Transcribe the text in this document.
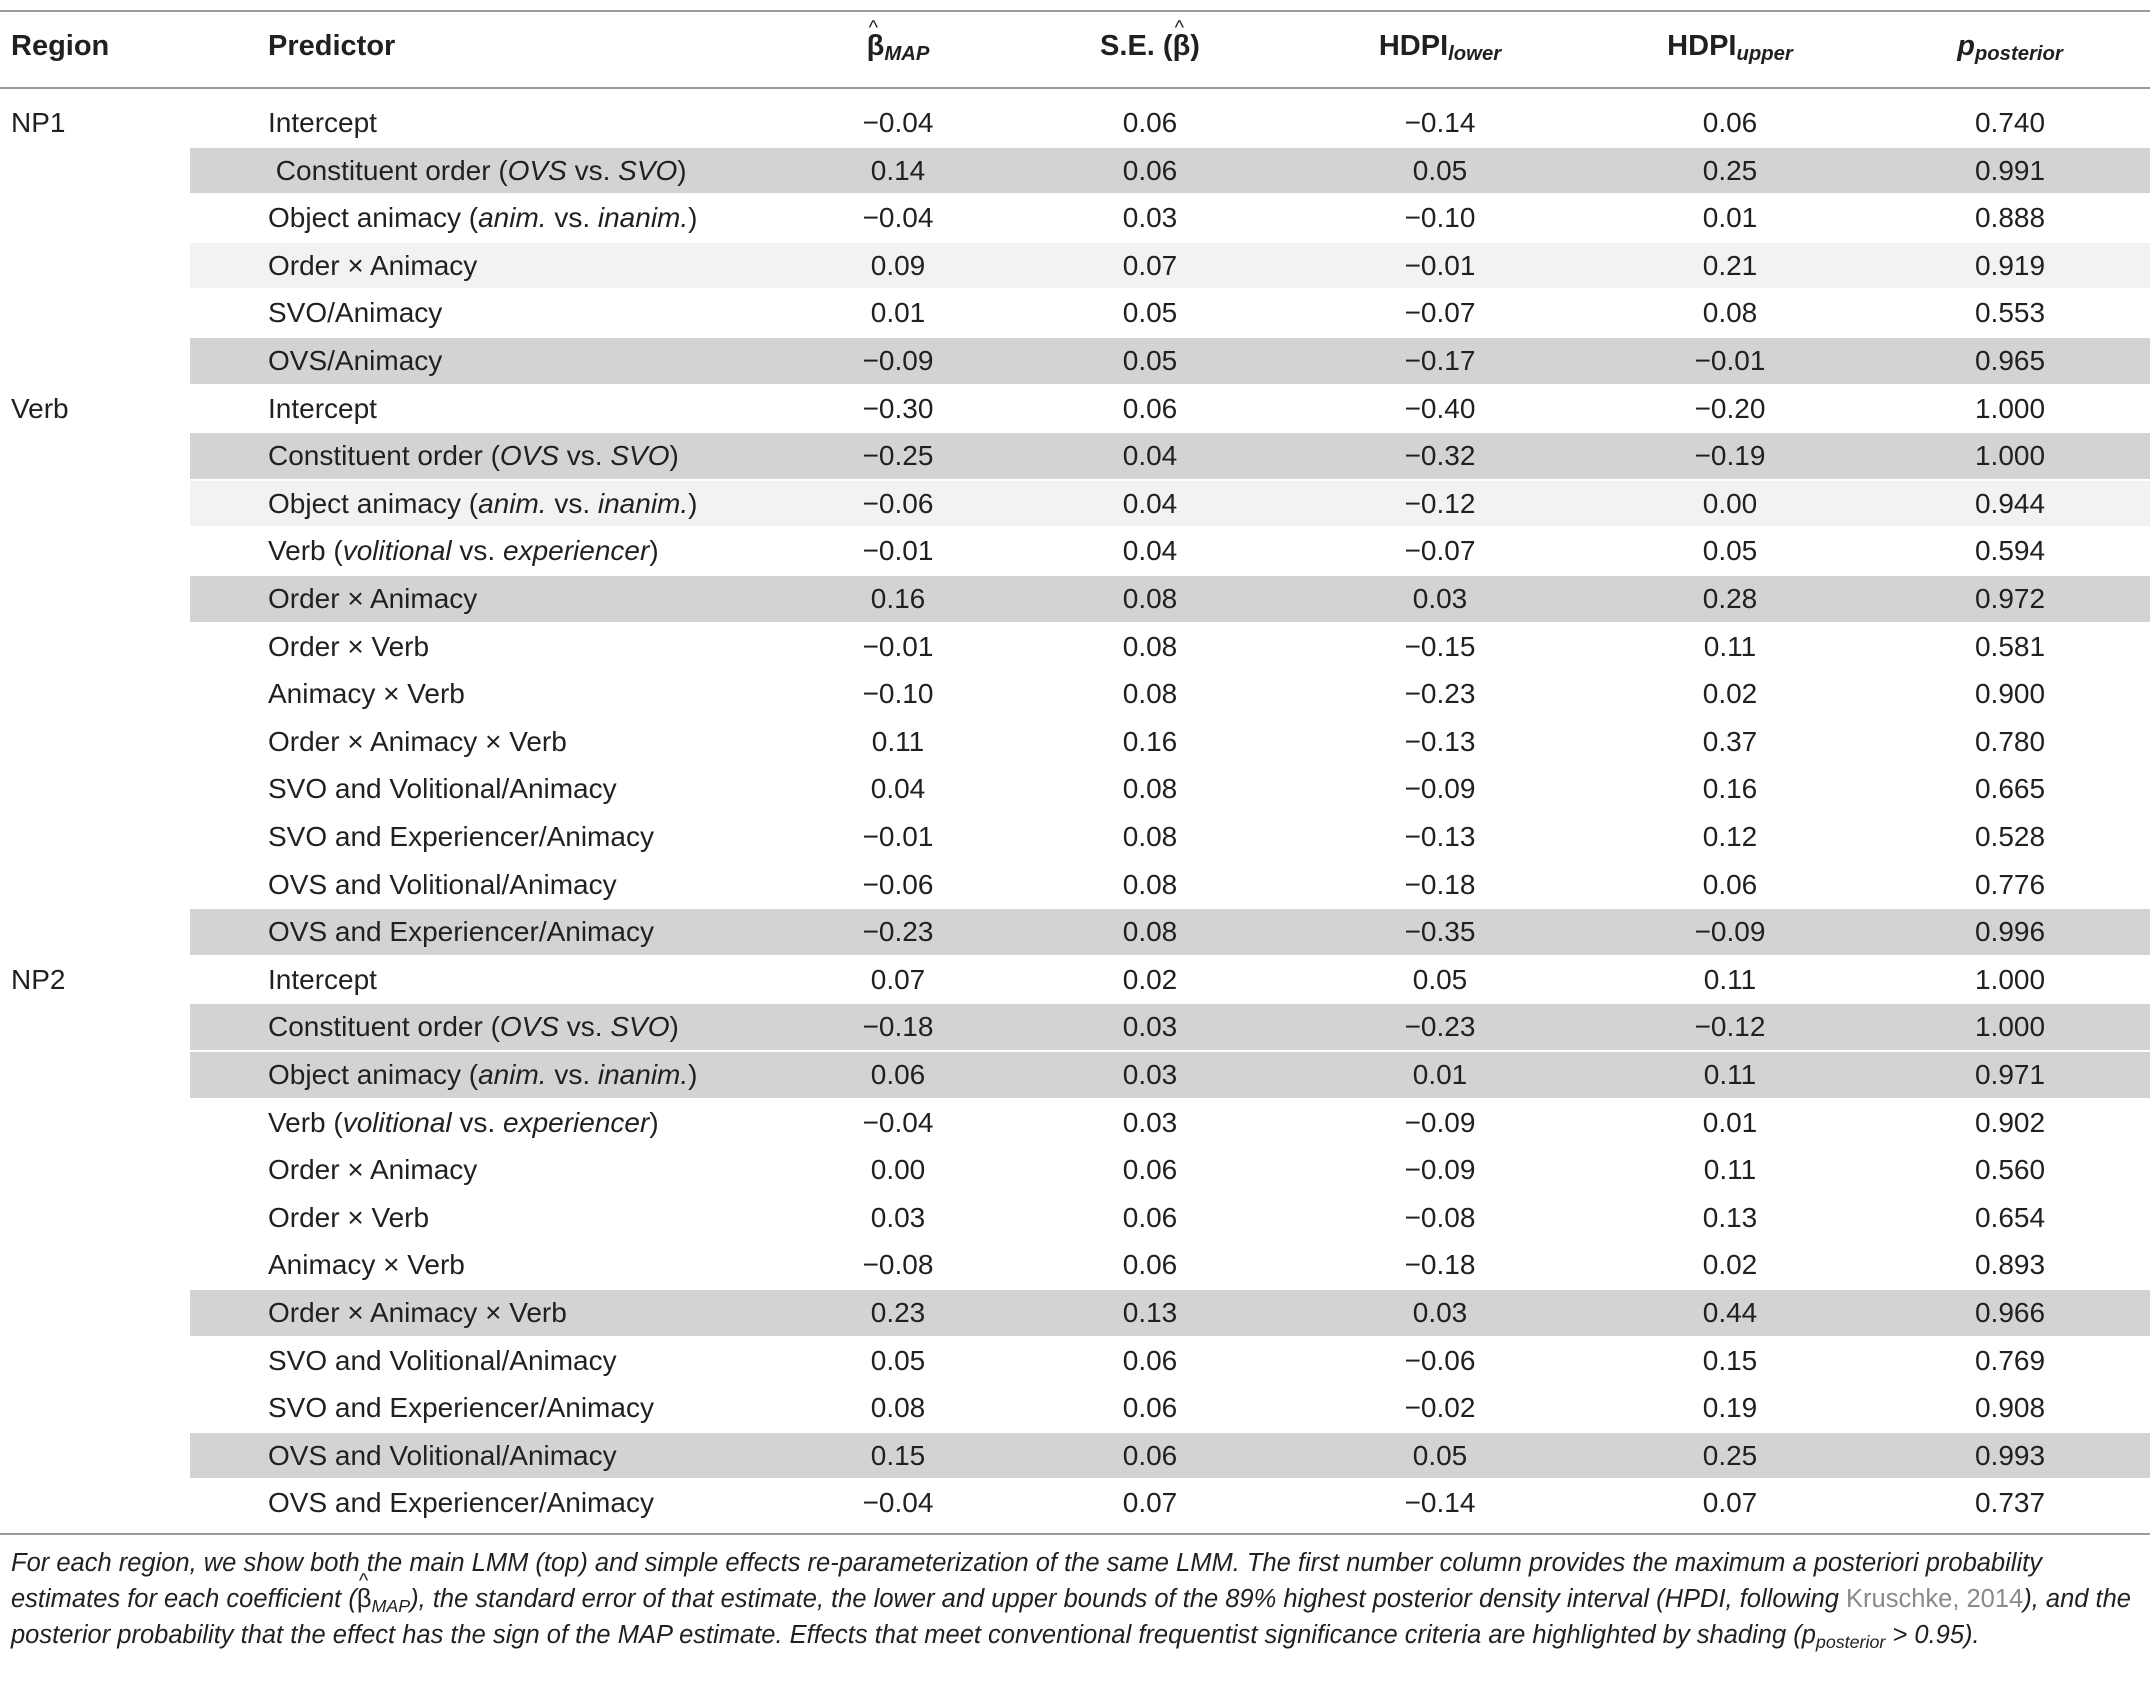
Region	Predictor
^	$\beta_{MAP}$	S.E. (^ β)	$HDPI_{lower}$	$HDPI_{upper}$	$p_{posterior}$
NP1	Intercept	−0.04	0.06	−0.14	0.06	0.740
Constituent order (OVS vs. SVO)	0.14	0.06	0.05	0.25	0.991
Object animacy (anim. vs. inanim.)	−0.04	0.03	−0.10	0.01	0.888
Order × Animacy	0.09	0.07	−0.01	0.21	0.919
SVO/Animacy	0.01	0.05	−0.07	0.08	0.553
OVS/Animacy	−0.09	0.05	−0.17	−0.01	0.965
Verb	Intercept	−0.30	0.06	−0.40	−0.20	1.000
Constituent order (OVS vs. SVO)	−0.25	0.04	−0.32	−0.19	1.000
Object animacy (anim. vs. inanim.)	−0.06	0.04	−0.12	0.00	0.944
Verb (volitional vs. experiencer)	−0.01	0.04	−0.07	0.05	0.594
Order × Animacy	0.16	0.08	0.03	0.28	0.972
Order × Verb	−0.01	0.08	−0.15	0.11	0.581
Animacy × Verb	−0.10	0.08	−0.23	0.02	0.900
Order × Animacy × Verb	0.11	0.16	−0.13	0.37	0.780
SVO and Volitional/Animacy	0.04	0.08	−0.09	0.16	0.665
SVO and Experiencer/Animacy	−0.01	0.08	−0.13	0.12	0.528
OVS and Volitional/Animacy	−0.06	0.08	−0.18	0.06	0.776
OVS and Experiencer/Animacy	−0.23	0.08	−0.35	−0.09	0.996
NP2	Intercept	0.07	0.02	0.05	0.11	1.000
Constituent order (OVS vs. SVO)	−0.18	0.03	−0.23	−0.12	1.000
Object animacy (anim. vs. inanim.)	0.06	0.03	0.01	0.11	0.971
Verb (volitional vs. experiencer)	−0.04	0.03	−0.09	0.01	0.902
Order × Animacy	0.00	0.06	−0.09	0.11	0.560
Order × Verb	0.03	0.06	−0.08	0.13	0.654
Animacy × Verb	−0.08	0.06	−0.18	0.02	0.893
Order × Animacy × Verb	0.23	0.13	0.03	0.44	0.966
SVO and Volitional/Animacy	0.05	0.06	−0.06	0.15	0.769
SVO and Experiencer/Animacy	0.08	0.06	−0.02	0.19	0.908
OVS and Volitional/Animacy	0.15	0.06	0.05	0.25	0.993
OVS and Experiencer/Animacy	−0.04	0.07	−0.14	0.07	0.737
For each region, we show both the main LMM (top) and simple effects re-parameterization of the same LMM. The first number column provides the maximum a posteriori probability estimates for each coefficient (^ $\beta_{MAP}$), the standard error of that estimate, the lower and upper bounds of the 89% highest posterior density interval (HPDI, following Kruschke, 2014), and the posterior probability that the effect has the sign of the MAP estimate. Effects that meet conventional frequentist significance criteria are highlighted by shading $(p_{posterior} > 0.95)$.
